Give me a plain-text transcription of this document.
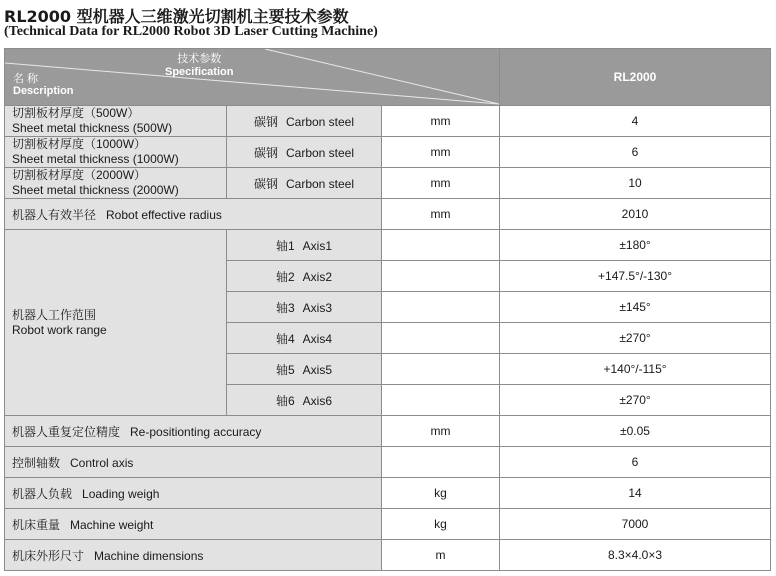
RL2000 型机器人三维激光切割机主要技术参数
(Technical Data for RL2000 Robot 3D Laser Cutting Machine)
技术参数
Specification
名 称
Description			RL2000

切割板材厚度（500W）
Sheet metal thickness (500W)	碳钢 Carbon steel	mm	4

切割板材厚度（1000W）
Sheet metal thickness (1000W)	碳钢 Carbon steel	mm	6

切割板材厚度（2000W）
Sheet metal thickness (2000W)	碳钢 Carbon steel	mm	10
机器人有效半径 Robot effective radius		mm	2010

机器人工作范围
Robot work range	轴1 Axis1		±180°
	轴2 Axis2		+147.5°/-130°
	轴3 Axis3		±145°
	轴4 Axis4		±270°
	轴5 Axis5		+140°/-115°
	轴6 Axis6		±270°
机器人重复定位精度 Re-positionting accuracy		mm	±0.05
控制轴数 Control axis			6
机器人负载 Loading weigh		kg	14
机床重量 Machine weight		kg	7000
机床外形尺寸 Machine dimensions		m	8.3×4.0×3
